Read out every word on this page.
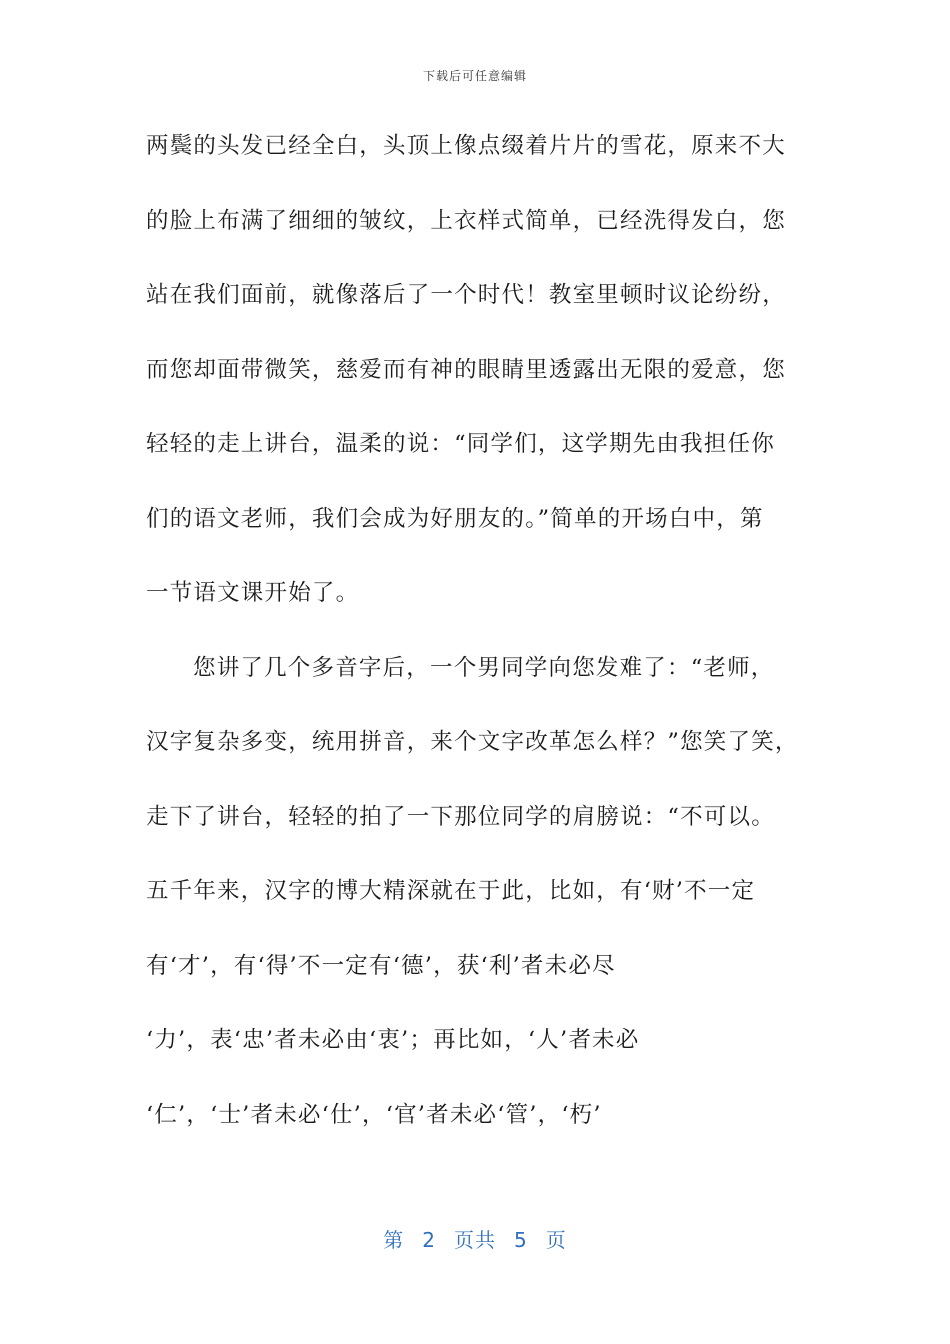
下载后可任意编辑
两鬓的头发已经全白，头顶上像点缀着片片的雪花，原来不大
的脸上布满了细细的皱纹，上衣样式简单，已经洗得发白，您
站在我们面前，就像落后了一个时代！教室里顿时议论纷纷，
而您却面带微笑，慈爱而有神的眼睛里透露出无限的爱意，您
轻轻的走上讲台，温柔的说：“同学们，这学期先由我担任你
们的语文老师，我们会成为好朋友的。”简单的开场白中，第
一节语文课开始了。
您讲了几个多音字后，一个男同学向您发难了：“老师，
汉字复杂多变，统用拼音，来个文字改革怎么样？”您笑了笑，
走下了讲台，轻轻的拍了一下那位同学的肩膀说：“不可以。
五千年来，汉字的博大精深就在于此，比如，有‘财’不一定
有‘才’，有‘得’不一定有‘德’，获‘利’者未必尽
‘力’，表‘忠’者未必由‘衷’；再比如，‘人’者未必
‘仁’，‘士’者未必‘仕’，‘官’者未必‘管’，‘朽’
第 2 页共 5 页
